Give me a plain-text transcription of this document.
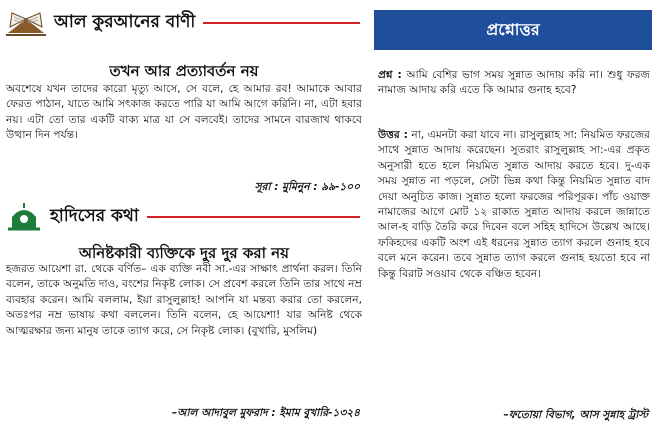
আল কুরআনের বাণী
তখন আর প্রত্যাবর্তন নয়
অবশেষে যখন তাদের কারো মৃত্যু আসে, সে বলে, হে আমার রব! আমাকে আবার ফেরত পাঠান, যাতে আমি সৎকাজ করতে পারি যা আমি আগে করিনি। না, এটা হবার নয়। এটা তো তার একটি বাক্য মাত্র যা সে বলবেই। তাদের সামনে বারজাখ থাকবে উত্থান দিন পর্যন্ত।
সূরা : মুমিনুন : ৯৯-১০০
হাদিসের কথা
অনিষ্টকারী ব্যক্তিকে দুর দুর করা নয়
হজরত আয়েশা রা. থেকে বর্ণিত– এক ব্যক্তি নবী সা.-এর সাক্ষাৎ প্রার্থনা করল। তিনি বলেন, তাকে অনুমতি দাও, বংশের নিকৃষ্ট লোক। সে প্রবেশ করলে তিনি তার সাথে নম্র ব্যবহার করেন। আমি বললাম, ইয়া রাসুলুল্লাহ! আপনি যা মন্তব্য করার তো করলেন, অতঃপর নম্র ভাষায় কথা বললেন। তিনি বলেন, হে আয়েশা! যার অনিষ্ট থেকে আত্মরক্ষার জন্য মানুষ তাকে ত্যাগ করে, সে নিকৃষ্ট লোক। (বুখারি, মুসলিম)
–আল আদাবুল মুফরাদ : ইমাম বুখারি-১৩২৪
প্রশ্নোত্তর
প্রশ্ন : আমি বেশির ভাগ সময় সুন্নাত আদায় করি না। শুধু ফরজ নামাজ আদায় করি এতে কি আমার গুনাহ হবে?
উত্তর : না, এমনটা করা যাবে না। রাসুলুল্লাহ সা: নিয়মিত ফরজের সাথে সুন্নাত আদায় করেছেন। সুতরাং রাসুলুল্লাহ সা:-এর প্রকৃত অনুসারী হতে হলে নিয়মিত সুন্নাত আদায় করতে হবে। দু-এক সময় সুন্নাত না পড়লে, সেটা ভিন্ন কথা কিন্তু নিয়মিত সুন্নাত বাদ দেয়া অনুচিত কাজ। সুন্নাত হলো ফরজের পরিপূরক। পাঁচ ওয়াক্ত নামাজের আগে মোট ১২ রাকাত সুন্নাত আদায় করলে জান্নাতে আল-হ বাড়ি তৈরি করে দিবেন বলে সহিহ হাদিসে উল্লেখ আছে। ফকিহদের একটি অংশ এই ধরনের সুন্নাত ত্যাগ করলে গুনাহ হবে বলে মনে করেন। তবে সুন্নাত ত্যাগ করলে গুনাহ হয়তো হবে না কিন্তু বিরাট সওয়াব থেকে বঞ্চিত হবেন।
–ফতোয়া বিভাগ, আস সুন্নাহ ট্রাস্ট
